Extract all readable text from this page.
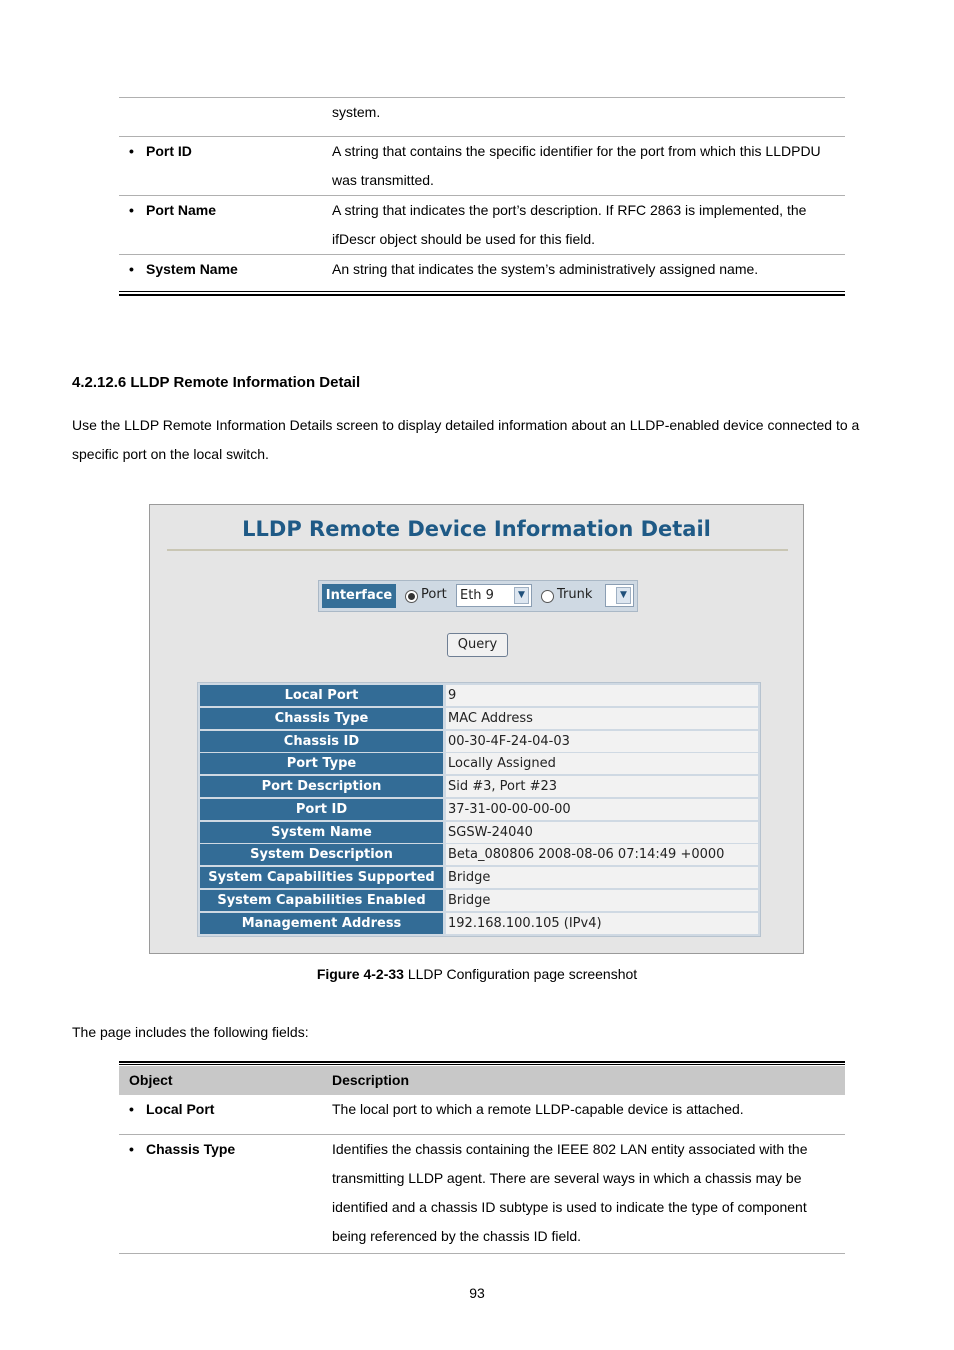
	system.

• Port ID	A string that contains the specific identifier for the port from which this LLDPDU
was transmitted.

• Port Name	A string that indicates the port’s description. If RFC 2863 is implemented, the
ifDescr object should be used for this field.

• System Name	An string that indicates the system’s administratively assigned name.
4.2.12.6 LLDP Remote Information Detail
Use the LLDP Remote Information Details screen to display detailed information about an LLDP-enabled device connected to a
specific port on the local switch.
LLDP Remote Device Information Detail
Interface Port	Eth 9	▼	Trunk	▼
Query
Local Port	9
Chassis Type	MAC Address
Chassis ID	00-30-4F-24-04-03
Port Type	Locally Assigned
Port Description	Sid #3, Port #23
Port ID	37-31-00-00-00-00
System Name	SGSW-24040
System Description	Beta_080806 2008-08-06 07:14:49 +0000
System Capabilities Supported	Bridge
System Capabilities Enabled	Bridge
Management Address	192.168.100.105 (IPv4)
Figure 4-2-33 LLDP Configuration page screenshot
The page includes the following fields:
Object	Description
• Local Port	The local port to which a remote LLDP-capable device is attached.

• Chassis Type	Identifies the chassis containing the IEEE 802 LAN entity associated with the
transmitting LLDP agent. There are several ways in which a chassis may be
identified and a chassis ID subtype is used to indicate the type of component
being referenced by the chassis ID field.
93
